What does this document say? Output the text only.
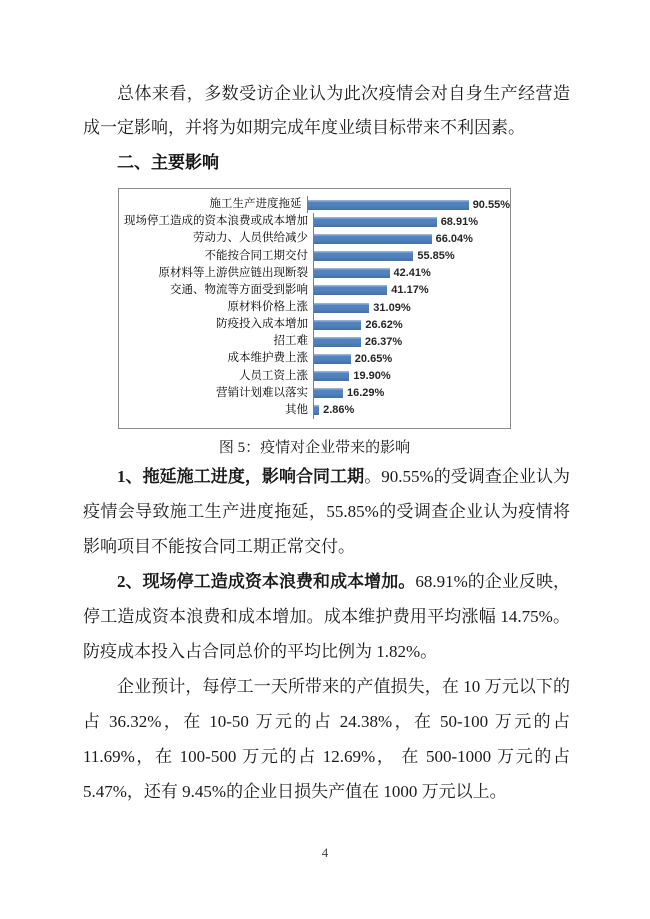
总体来看，多数受访企业认为此次疫情会对自身生产经营造成一定影响，并将为如期完成年度业绩目标带来不利因素。

二、主要影响
施工生产进度拖延	90.55%
现场停工造成的资本浪费或成本增加	68.91%
劳动力、人员供给减少	66.04%
不能按合同工期交付	55.85%
原材料等上游供应链出现断裂	42.41%
交通、物流等方面受到影响	41.17%
原材料价格上涨	31.09%
防疫投入成本增加	26.62%
招工难	26.37%
成本维护费上涨	20.65%
人员工资上涨	19.90%
营销计划难以落实	16.29%
其他	2.86%
图 5：疫情对企业带来的影响

1、拖延施工进度，影响合同工期。90.55%的受调查企业认为疫情会导致施工生产进度拖延，55.85%的受调查企业认为疫情将影响项目不能按合同工期正常交付。

2、现场停工造成资本浪费和成本增加。68.91%的企业反映，停工造成资本浪费和成本增加。成本维护费用平均涨幅 14.75%。防疫成本投入占合同总价的平均比例为 1.82%。

企业预计，每停工一天所带来的产值损失，在 10 万元以下的占 36.32%，在 10-50 万元的占 24.38%，在 50-100 万元的占 11.69%，在 100-500 万元的占 12.69%， 在 500-1000 万元的占 5.47%，还有 9.45%的企业日损失产值在 1000 万元以上。

4
